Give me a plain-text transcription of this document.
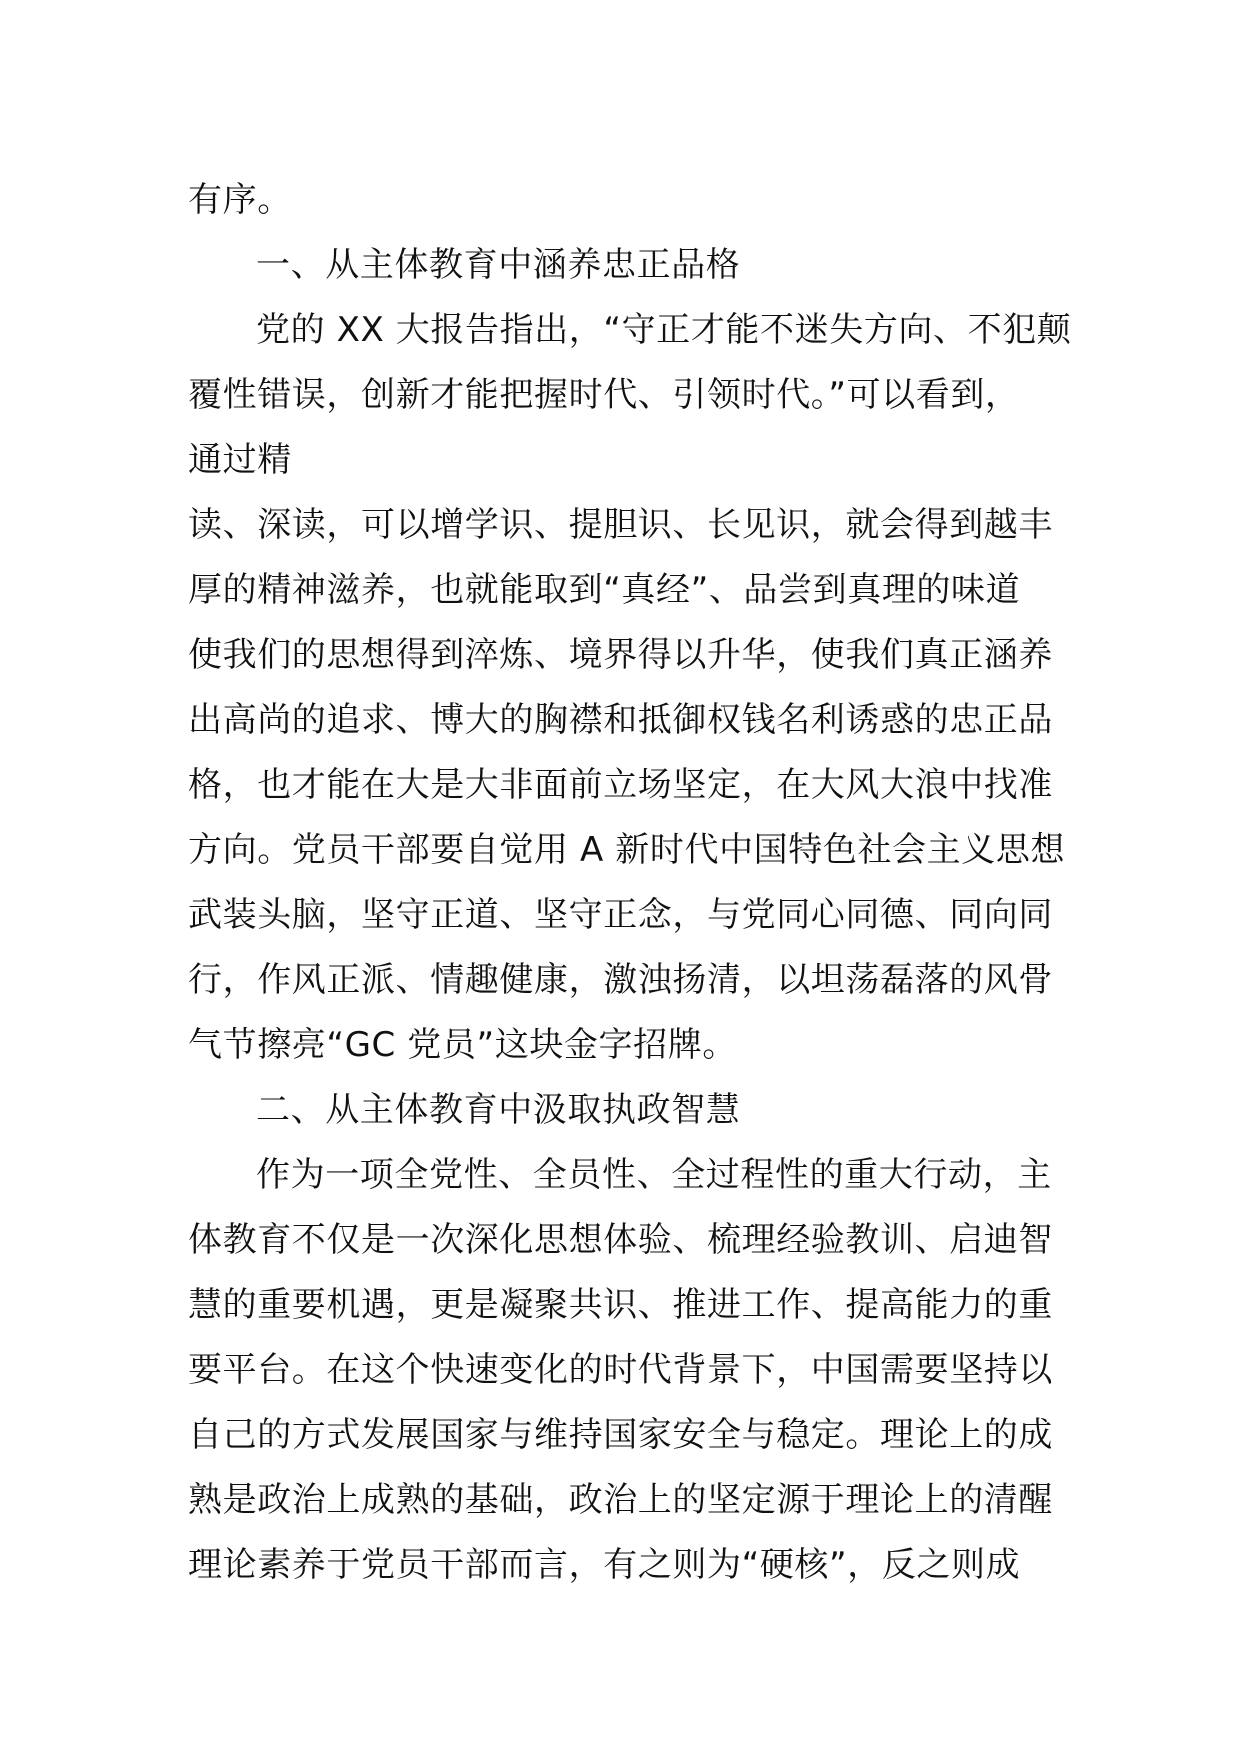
有序。
一、从主体教育中涵养忠正品格
党的 XX 大报告指出，“守正才能不迷失方向、不犯颠
覆性错误，创新才能把握时代、引领时代。”可以看到，
通过精
读、深读，可以增学识、提胆识、长见识，就会得到越丰
厚的精神滋养，也就能取到“真经”、品尝到真理的味道
使我们的思想得到淬炼、境界得以升华，使我们真正涵养
出高尚的追求、博大的胸襟和抵御权钱名利诱惑的忠正品
格，也才能在大是大非面前立场坚定，在大风大浪中找准
方向。党员干部要自觉用 A 新时代中国特色社会主义思想
武装头脑，坚守正道、坚守正念，与党同心同德、同向同
行，作风正派、情趣健康，激浊扬清，以坦荡磊落的风骨
气节擦亮“GC 党员”这块金字招牌。
二、从主体教育中汲取执政智慧
作为一项全党性、全员性、全过程性的重大行动，主
体教育不仅是一次深化思想体验、梳理经验教训、启迪智
慧的重要机遇，更是凝聚共识、推进工作、提高能力的重
要平台。在这个快速变化的时代背景下，中国需要坚持以
自己的方式发展国家与维持国家安全与稳定。理论上的成
熟是政治上成熟的基础，政治上的坚定源于理论上的清醒
理论素养于党员干部而言，有之则为“硬核”，反之则成
